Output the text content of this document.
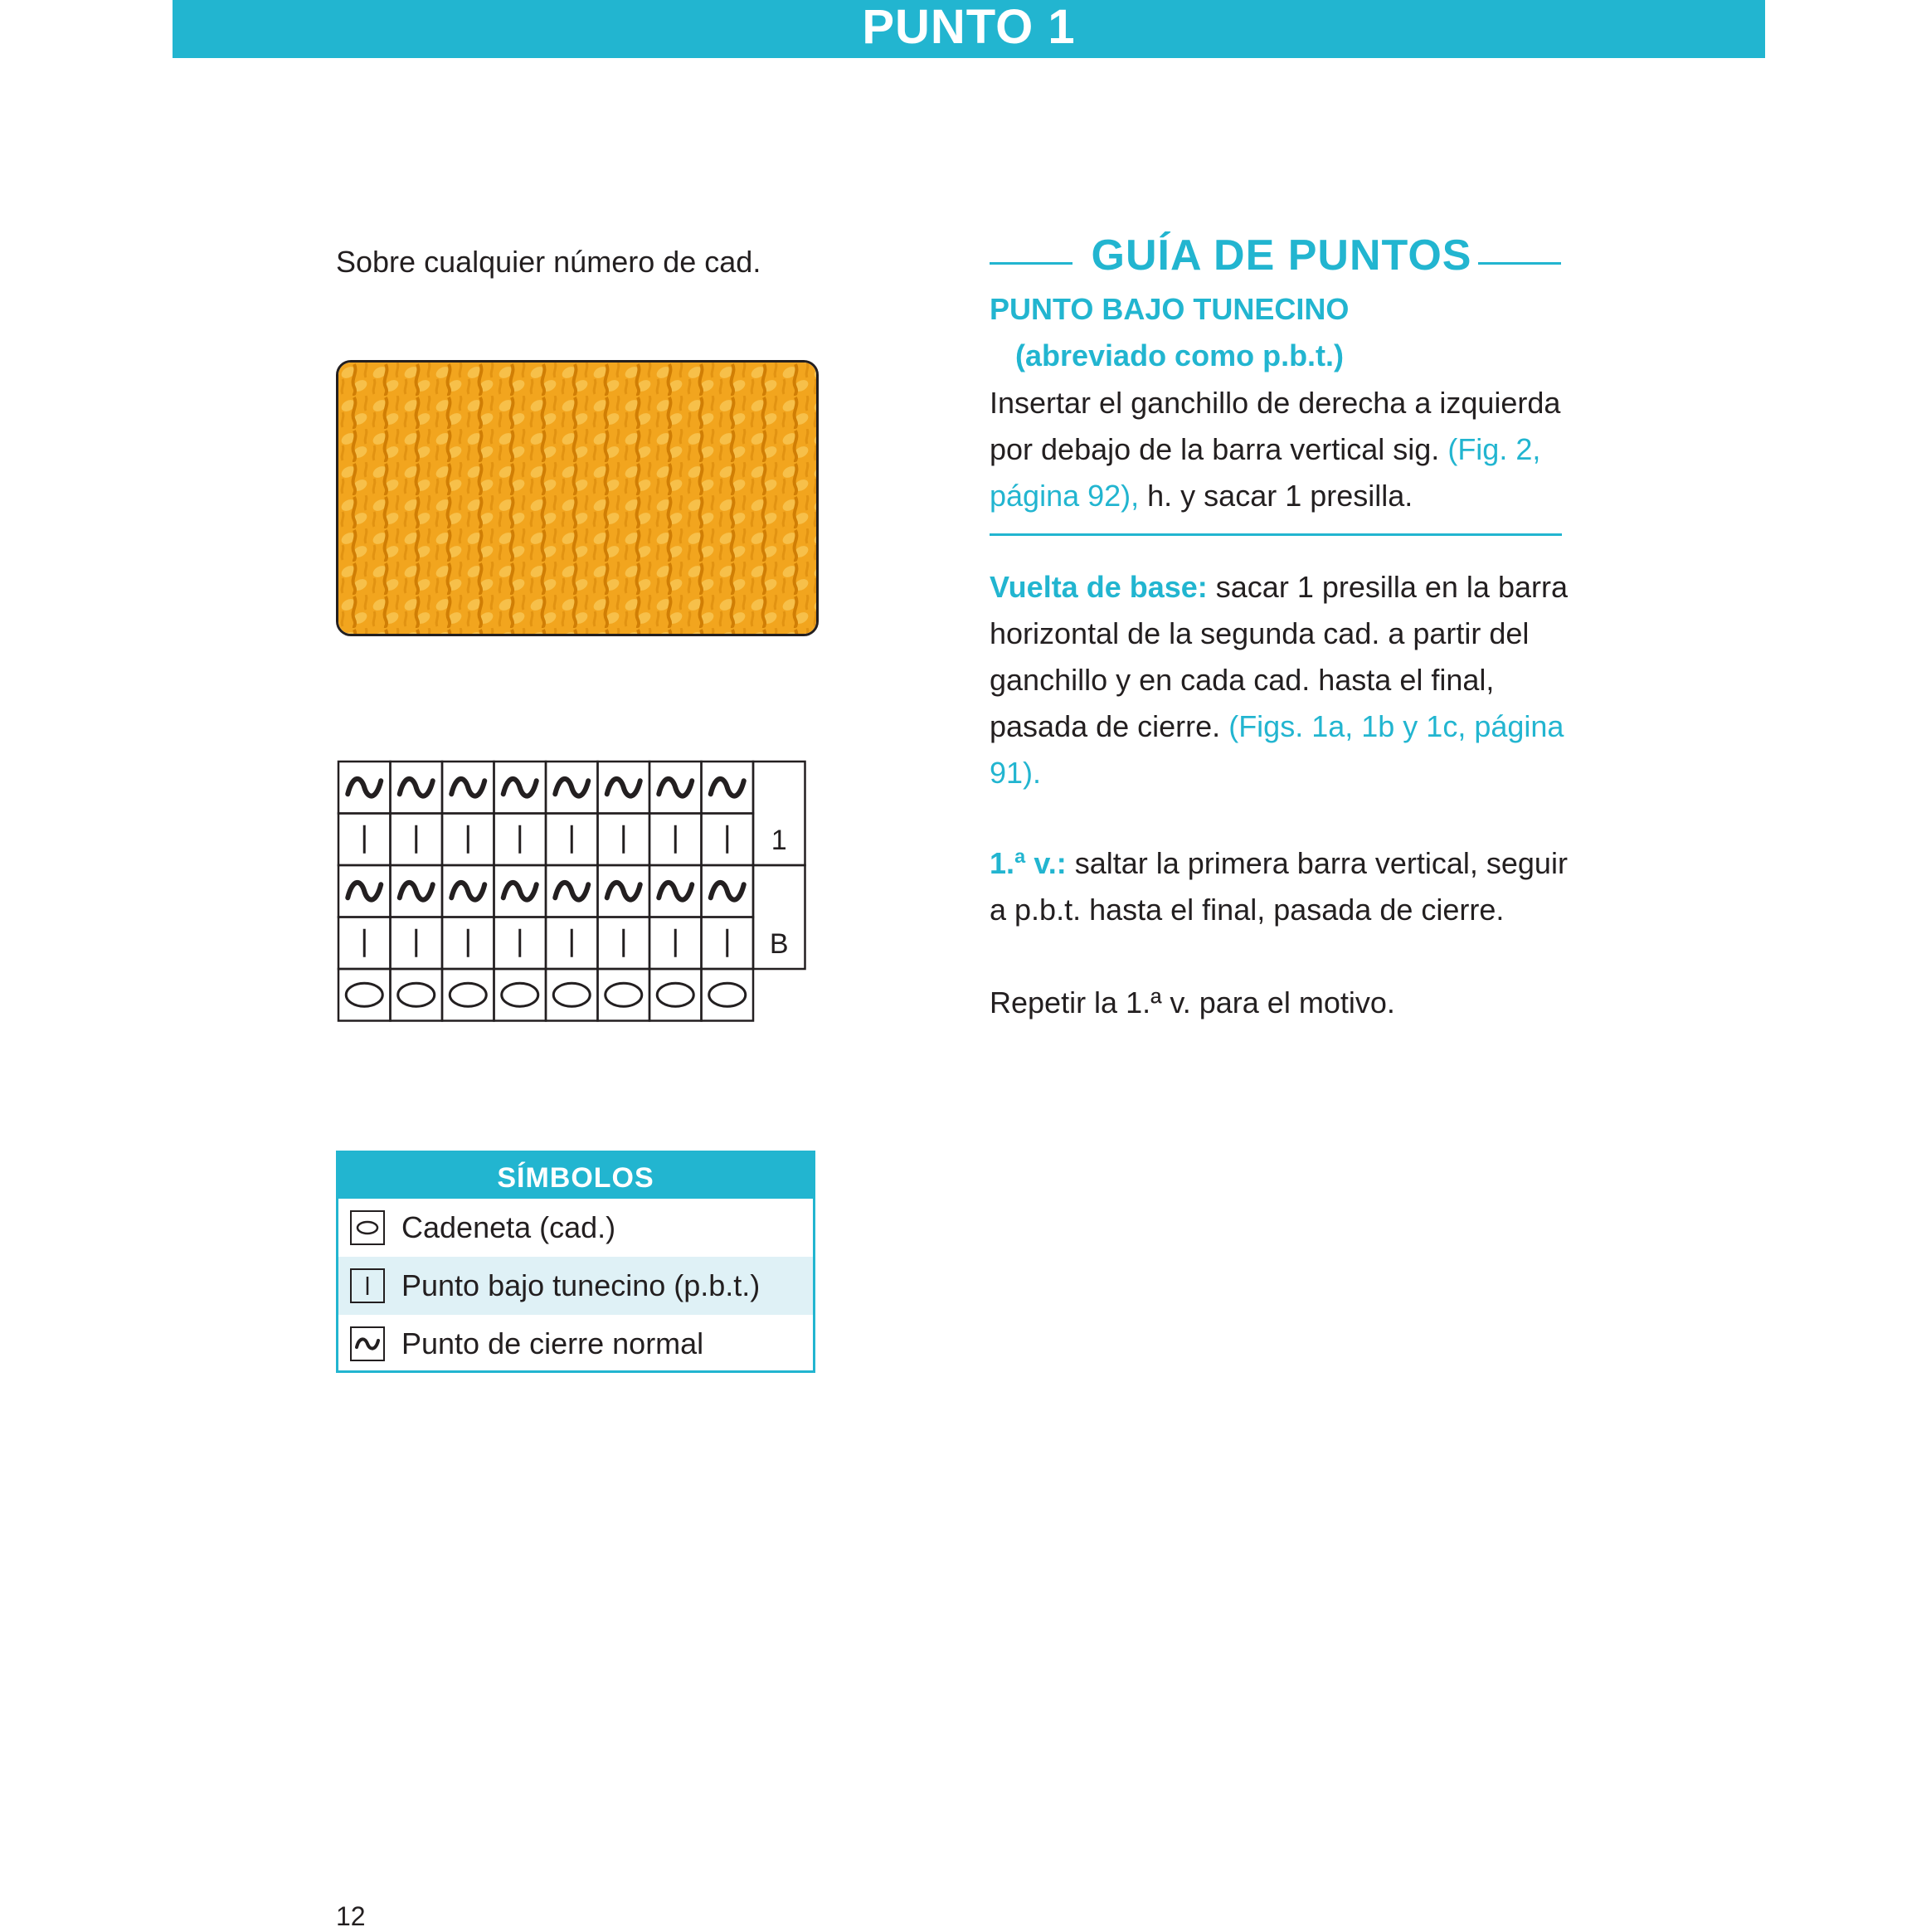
PUNTO 1
Sobre cualquier número de cad.
1
B
SÍMBOLOS
Cadeneta (cad.)
Punto bajo tunecino (p.b.t.)
Punto de cierre normal
GUÍA DE PUNTOS
PUNTO BAJO TUNECINO
(abreviado como p.b.t.)
Insertar el ganchillo de derecha a izquierda por debajo de la barra vertical sig. (Fig. 2, página 92), h. y sacar 1 presilla.
Vuelta de base: sacar 1 presilla en la barra horizontal de la segunda cad. a partir del ganchillo y en cada cad. hasta el final, pasada de cierre. (Figs. 1a, 1b y 1c, página 91).
1.ª v.: saltar la primera barra vertical, seguir a p.b.t. hasta el final, pasada de cierre.
Repetir la 1.ª v. para el motivo.
12
